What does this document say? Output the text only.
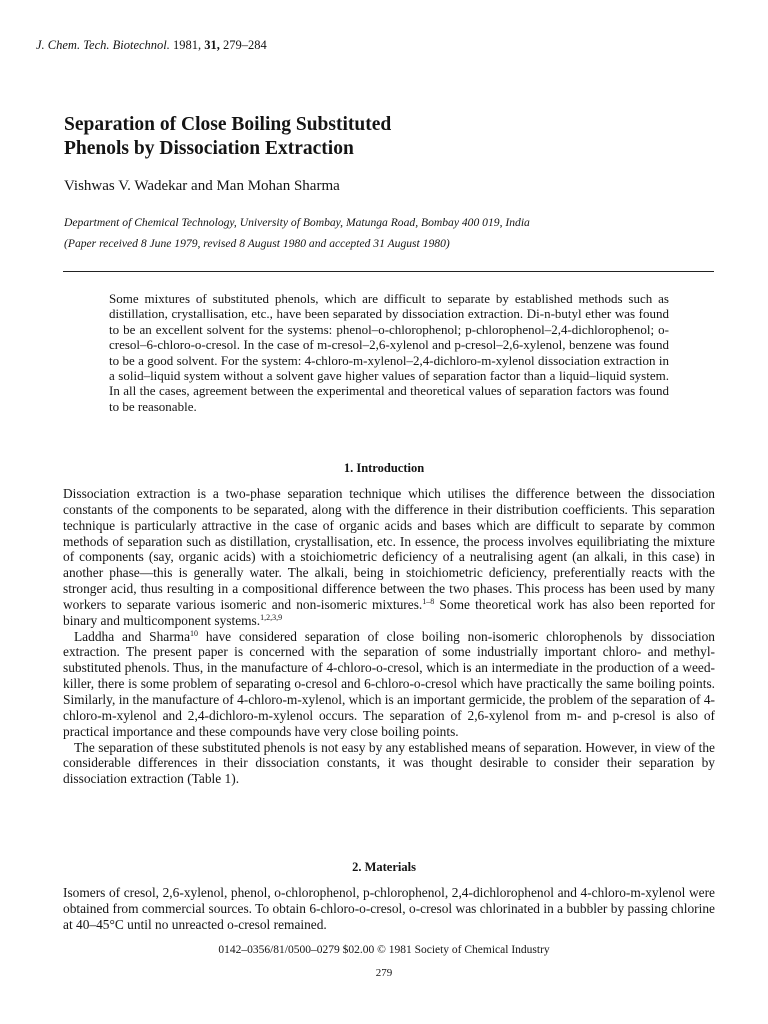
J. Chem. Tech. Biotechnol. 1981, 31, 279–284
Separation of Close Boiling Substituted
Phenols by Dissociation Extraction
Vishwas V. Wadekar and Man Mohan Sharma
Department of Chemical Technology, University of Bombay, Matunga Road, Bombay 400 019, India
(Paper received 8 June 1979, revised 8 August 1980 and accepted 31 August 1980)
Some mixtures of substituted phenols, which are difficult to separate by established methods such as distillation, crystallisation, etc., have been separated by dissociation extraction. Di-n-butyl ether was found to be an excellent solvent for the systems: phenol–o-chlorophenol; p-chlorophenol–2,4-dichlorophenol; o-cresol–6-chloro-o-cresol. In the case of m-cresol–2,6-xylenol and p-cresol–2,6-xylenol, benzene was found to be a good solvent. For the system: 4-chloro-m-xylenol–2,4-dichloro-m-xylenol dissociation extraction in a solid–liquid system without a solvent gave higher values of separation factor than a liquid–liquid system. In all the cases, agreement between the experimental and theoretical values of separation factors was found to be reasonable.
1. Introduction
Dissociation extraction is a two-phase separation technique which utilises the difference between the dissociation constants of the components to be separated, along with the difference in their distribution coefficients. This separation technique is particularly attractive in the case of organic acids and bases which are difficult to separate by common methods of separation such as distillation, crystallisation, etc. In essence, the process involves equilibriating the mixture of components (say, organic acids) with a stoichiometric deficiency of a neutralising agent (an alkali, in this case) in another phase—this is generally water. The alkali, being in stoichiometric deficiency, preferentially reacts with the stronger acid, thus resulting in a compositional difference between the two phases. This process has been used by many workers to separate various isomeric and non-isomeric mixtures.$^{1-8}$ Some theoretical work has also been reported for binary and multicomponent systems.$^{1,2,3,9}$
Laddha and Sharma$^{10}$ have considered separation of close boiling non-isomeric chlorophenols by dissociation extraction. The present paper is concerned with the separation of some industrially important chloro- and methyl-substituted phenols. Thus, in the manufacture of 4-chloro-o-cresol, which is an intermediate in the production of a weed-killer, there is some problem of separating o-cresol and 6-chloro-o-cresol which have practically the same boiling points. Similarly, in the manufacture of 4-chloro-m-xylenol, which is an important germicide, the problem of the separation of 4-chloro-m-xylenol and 2,4-dichloro-m-xylenol occurs. The separation of 2,6-xylenol from m- and p-cresol is also of practical importance and these compounds have very close boiling points.
The separation of these substituted phenols is not easy by any established means of separation. However, in view of the considerable differences in their dissociation constants, it was thought desirable to consider their separation by dissociation extraction (Table 1).
2. Materials
Isomers of cresol, 2,6-xylenol, phenol, o-chlorophenol, p-chlorophenol, 2,4-dichlorophenol and 4-chloro-m-xylenol were obtained from commercial sources. To obtain 6-chloro-o-cresol, o-cresol was chlorinated in a bubbler by passing chlorine at 40–45°C until no unreacted o-cresol remained.
0142–0356/81/0500–0279 $02.00 © 1981 Society of Chemical Industry
279
